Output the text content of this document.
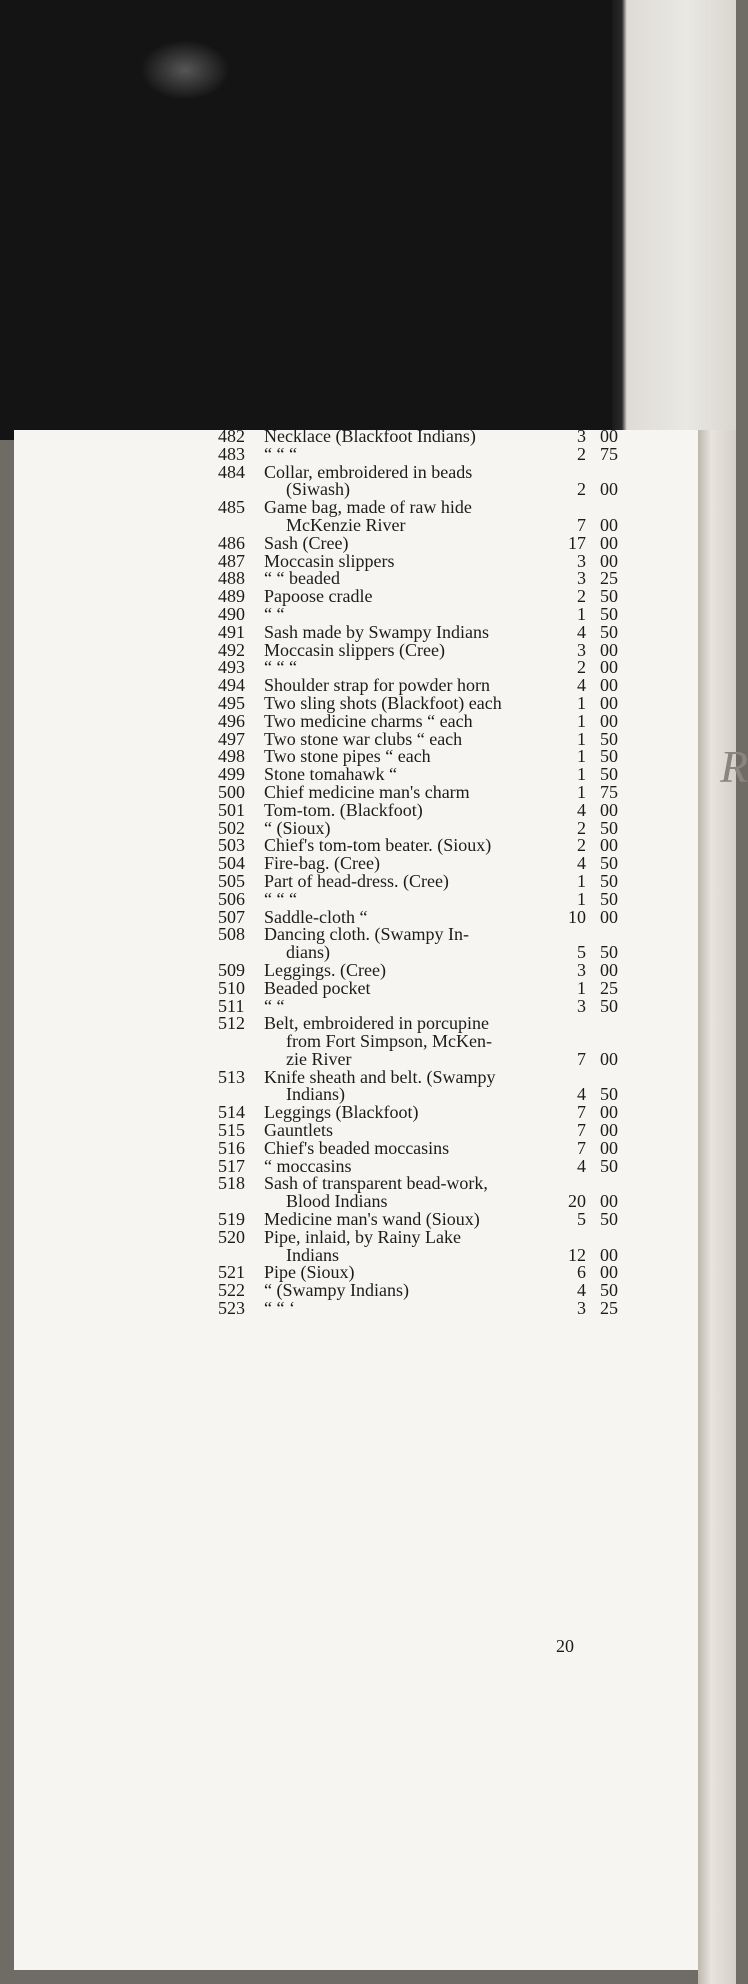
R
482	Necklace (Blackfoot Indians)	3 00
483	“ “ “	2 75
484	Collar, embroidered in beads
(Siwash)	2 00
485	Game bag, made of raw hide
McKenzie River	7 00
486	Sash (Cree)	17 00
487	Moccasin slippers	3 00
488	“ “ beaded	3 25
489	Papoose cradle	2 50
490	“ “	1 50
491	Sash made by Swampy Indians	4 50
492	Moccasin slippers (Cree)	3 00
493	“ “ “	2 00
494	Shoulder strap for powder horn	4 00
495	Two sling shots (Blackfoot) each	1 00
496	Two medicine charms “ each	1 00
497	Two stone war clubs “ each	1 50
498	Two stone pipes “ each	1 50
499	Stone tomahawk “	1 50
500	Chief medicine man's charm	1 75
501	Tom-tom. (Blackfoot)	4 00
502	“ (Sioux)	2 50
503	Chief's tom-tom beater. (Sioux)	2 00
504	Fire-bag. (Cree)	4 50
505	Part of head-dress. (Cree)	1 50
506	“ “ “	1 50
507	Saddle-cloth “	10 00
508	Dancing cloth. (Swampy In-
dians)	5 50
509	Leggings. (Cree)	3 00
510	Beaded pocket	1 25
511	“ “	3 50
512	Belt, embroidered in porcupine
from Fort Simpson, McKen-
zie River	7 00
513	Knife sheath and belt. (Swampy
Indians)	4 50
514	Leggings (Blackfoot)	7 00
515	Gauntlets	7 00
516	Chief's beaded moccasins	7 00
517	“ moccasins	4 50
518	Sash of transparent bead-work,
Blood Indians	20 00
519	Medicine man's wand (Sioux)	5 50
520	Pipe, inlaid, by Rainy Lake
Indians	12 00
521	Pipe (Sioux)	6 00
522	“ (Swampy Indians)	4 50
523	“ “ ‘	3 25
20
